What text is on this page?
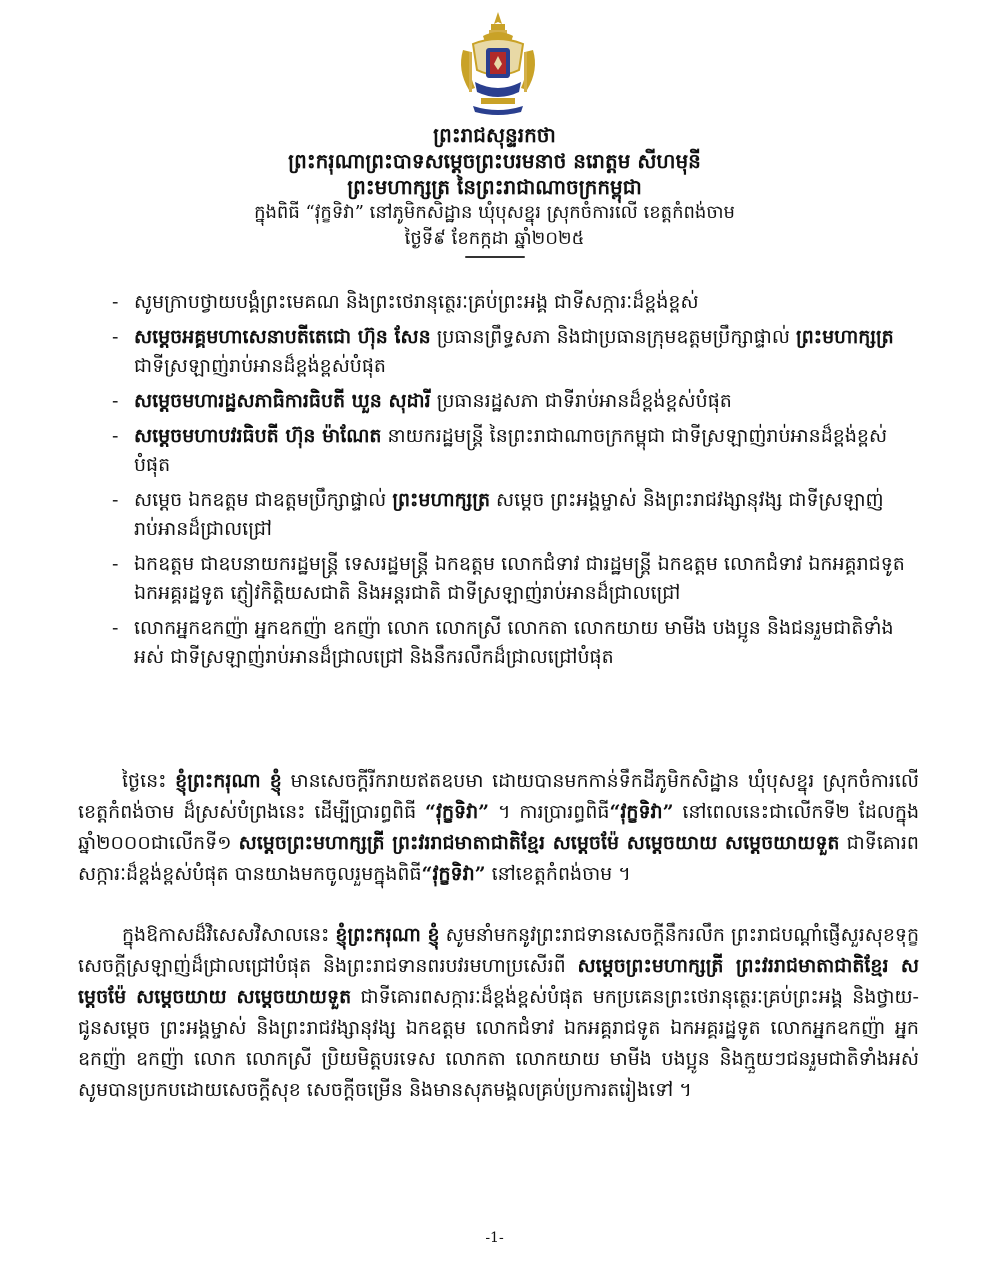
ព្រះរាជសុន្ទរកថា

ព្រះករុណាព្រះបាទសម្តេចព្រះបរមនាថ នរោត្តម សីហមុនី

ព្រះមហាក្សត្រ នៃព្រះរាជាណាចក្រកម្ពុជា

ក្នុងពិធី “វុក្ខទិវា” នៅភូមិកសិដ្ឋាន ឃុំបុសខ្នុរ ស្រុកចំការលើ ខេត្តកំពង់ចាម

ថ្ងៃទី៩ ខែកក្កដា ឆ្នាំ២០២៥

- សូមក្រាបថ្វាយបង្គំព្រះមេគណ និងព្រះថេរានុត្ថេរៈគ្រប់ព្រះអង្គ ជាទីសក្ការៈដ៏ខ្ពង់ខ្ពស់
- សម្តេចអគ្គមហាសេនាបតីតេជោ ហ៊ុន សែន ប្រធានព្រឹទ្ធសភា និងជាប្រធានក្រុមឧត្តមប្រឹក្សាផ្ទាល់ ព្រះមហាក្សត្រ ជាទីស្រឡាញ់រាប់អានដ៏ខ្ពង់ខ្ពស់បំផុត
- សម្តេចមហារដ្ឋសភាធិការធិបតី ឃួន សុដារី ប្រធានរដ្ឋសភា ជាទីរាប់អានដ៏ខ្ពង់ខ្ពស់បំផុត
- សម្តេចមហាបវរធិបតី ហ៊ុន ម៉ាណែត នាយករដ្ឋមន្ត្រី នៃព្រះរាជាណាចក្រកម្ពុជា ជាទីស្រឡាញ់រាប់អានដ៏ខ្ពង់ខ្ពស់បំផុត
- សម្តេច ឯកឧត្តម ជាឧត្តមប្រឹក្សាផ្ទាល់ ព្រះមហាក្សត្រ សម្តេច ព្រះអង្គម្ចាស់ និងព្រះរាជវង្សានុវង្ស ជាទីស្រឡាញ់រាប់អានដ៏ជ្រាលជ្រៅ
- ឯកឧត្តម ជាឧបនាយករដ្ឋមន្ត្រី ទេសរដ្ឋមន្ត្រី ឯកឧត្តម លោកជំទាវ ជារដ្ឋមន្ត្រី ឯកឧត្តម លោកជំទាវ ឯកអគ្គរាជទូត ឯកអគ្គរដ្ឋទូត ភ្ញៀវកិត្តិយសជាតិ និងអន្តរជាតិ ជាទីស្រឡាញ់រាប់អានដ៏ជ្រាលជ្រៅ
- លោកអ្នកឧកញ៉ា អ្នកឧកញ៉ា ឧកញ៉ា លោក លោកស្រី លោកតា លោកយាយ មាមីង បងប្អូន និងជនរួមជាតិទាំងអស់ ជាទីស្រឡាញ់រាប់អានដ៏ជ្រាលជ្រៅ និងនឹករលឹកដ៏ជ្រាលជ្រៅបំផុត

ថ្ងៃនេះ ខ្ញុំព្រះករុណា ខ្ញុំ មានសេចក្តីរីករាយឥតឧបមា ដោយបានមកកាន់ទឹកដីភូមិកសិដ្ឋាន ឃុំបុសខ្នុរ ស្រុកចំការលើ ខេត្តកំពង់ចាម ដ៏ស្រស់បំព្រងនេះ ដើម្បីប្រារព្ធពិធី “វុក្ខទិវា” ។ ការប្រារព្ធពិធី“វុក្ខទិវា” នៅពេលនេះជាលើកទី២ ដែលក្នុងឆ្នាំ២០០០ជាលើកទី១ សម្តេចព្រះមហាក្សត្រី ព្រះវររាជមាតាជាតិខ្មែរ សម្តេចម៉ែ សម្តេចយាយ សម្តេចយាយទួត ជាទីគោរពសក្ការៈដ៏ខ្ពង់ខ្ពស់បំផុត បានយាងមកចូលរួមក្នុងពិធី“វុក្ខទិវា” នៅខេត្តកំពង់ចាម ។

ក្នុងឱកាសដ៏វិសេសវិសាលនេះ ខ្ញុំព្រះករុណា ខ្ញុំ សូមនាំមកនូវព្រះរាជទានសេចក្តីនឹករលឹក ព្រះរាជបណ្តាំផ្ញើសួរសុខទុក្ខ សេចក្តីស្រឡាញ់ដ៏ជ្រាលជ្រៅបំផុត និងព្រះរាជទានពរបវរមហាប្រសើរពី សម្តេចព្រះមហាក្សត្រី ព្រះវររាជមាតាជាតិខ្មែរ សម្តេចម៉ែ សម្តេចយាយ សម្តេចយាយទួត ជាទីគោរពសក្ការៈដ៏ខ្ពង់ខ្ពស់បំផុត មកប្រគេនព្រះថេរានុត្ថេរៈគ្រប់ព្រះអង្គ និងថ្វាយ-ជូនសម្តេច ព្រះអង្គម្ចាស់ និងព្រះរាជវង្សានុវង្ស ឯកឧត្តម លោកជំទាវ ឯកអគ្គរាជទូត ឯកអគ្គរដ្ឋទូត លោកអ្នកឧកញ៉ា អ្នកឧកញ៉ា ឧកញ៉ា លោក លោកស្រី ប្រិយមិត្តបរទេស លោកតា លោកយាយ មាមីង បងប្អូន និងក្មួយៗជនរួមជាតិទាំងអស់ សូមបានប្រកបដោយសេចក្តីសុខ សេចក្តីចម្រើន និងមានសុភមង្គលគ្រប់ប្រការតរៀងទៅ ។

-1-
